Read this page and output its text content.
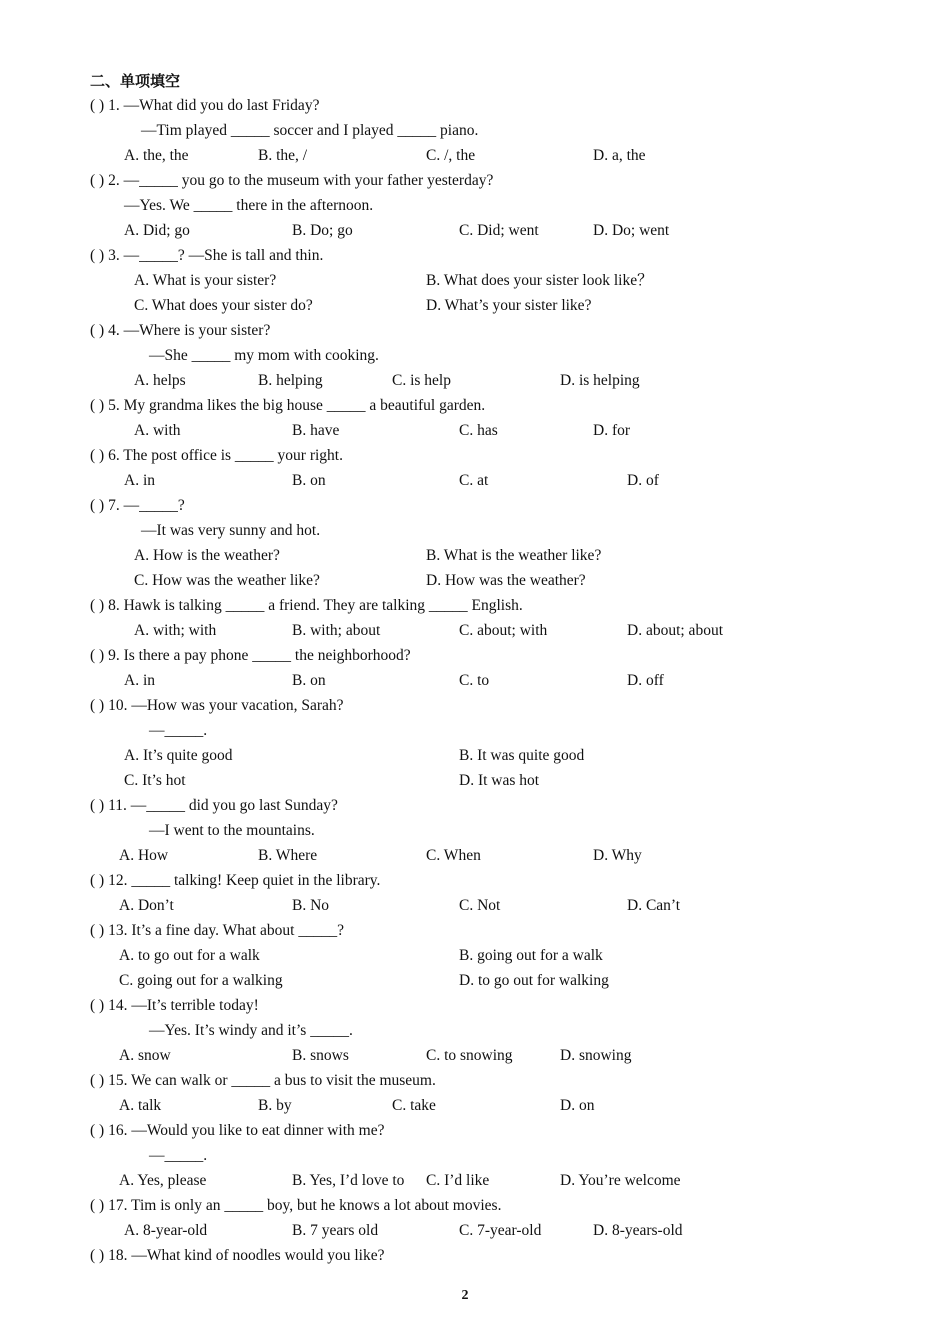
二、单项填空
( ) 1. —What did you do last Friday?
—Tim played _____ soccer and I played _____ piano.
A. the, the	B. the, /	C. /, the	D. a, the
( ) 2. —_____ you go to the museum with your father yesterday?
—Yes. We _____ there in the afternoon.
A. Did; go	B. Do; go	C. Did; went	D. Do; went
( ) 3. —_____? —She is tall and thin.
A. What is your sister?	B. What does your sister look like？
C. What does your sister do?	D. What’s your sister like?
( ) 4. —Where is your sister?
—She _____ my mom with cooking.
A. helps	B. helping	C. is help	D. is helping
( ) 5. My grandma likes the big house _____ a beautiful garden.
A. with	B. have	C. has	D. for
( ) 6. The post office is _____ your right.
A. in	B. on	C. at	D. of
( ) 7. —_____?
—It was very sunny and hot.
A. How is the weather?	B. What is the weather like?
C. How was the weather like?	D. How was the weather?
( ) 8. Hawk is talking _____ a friend. They are talking _____ English.
A. with; with	B. with; about	C. about; with	D. about; about
( ) 9. Is there a pay phone _____ the neighborhood?
A. in	B. on	C. to	D. off
( ) 10. —How was your vacation, Sarah?
—_____.
A. It’s quite good	B. It was quite good
C. It’s hot	D. It was hot
( ) 11. —_____ did you go last Sunday?
—I went to the mountains.
A. How	B. Where	C. When	D. Why
( ) 12. _____ talking! Keep quiet in the library.
A. Don’t	B. No	C. Not	D. Can’t
( ) 13. It’s a fine day. What about _____?
A. to go out for a walk	B. going out for a walk
C. going out for a walking	D. to go out for walking
( ) 14. —It’s terrible today!
—Yes. It’s windy and it’s _____.
A. snow	B. snows	C. to snowing	D. snowing
( ) 15. We can walk or _____ a bus to visit the museum.
A. talk	B. by	C. take	D. on
( ) 16. —Would you like to eat dinner with me?
—_____.
A. Yes, please	B. Yes, I’d love to C. I’d like	D. You’re welcome
( ) 17. Tim is only an _____ boy, but he knows a lot about movies.
A. 8-year-old	B. 7 years old	C. 7-year-old	D. 8-years-old
( ) 18. —What kind of noodles would you like?
2
